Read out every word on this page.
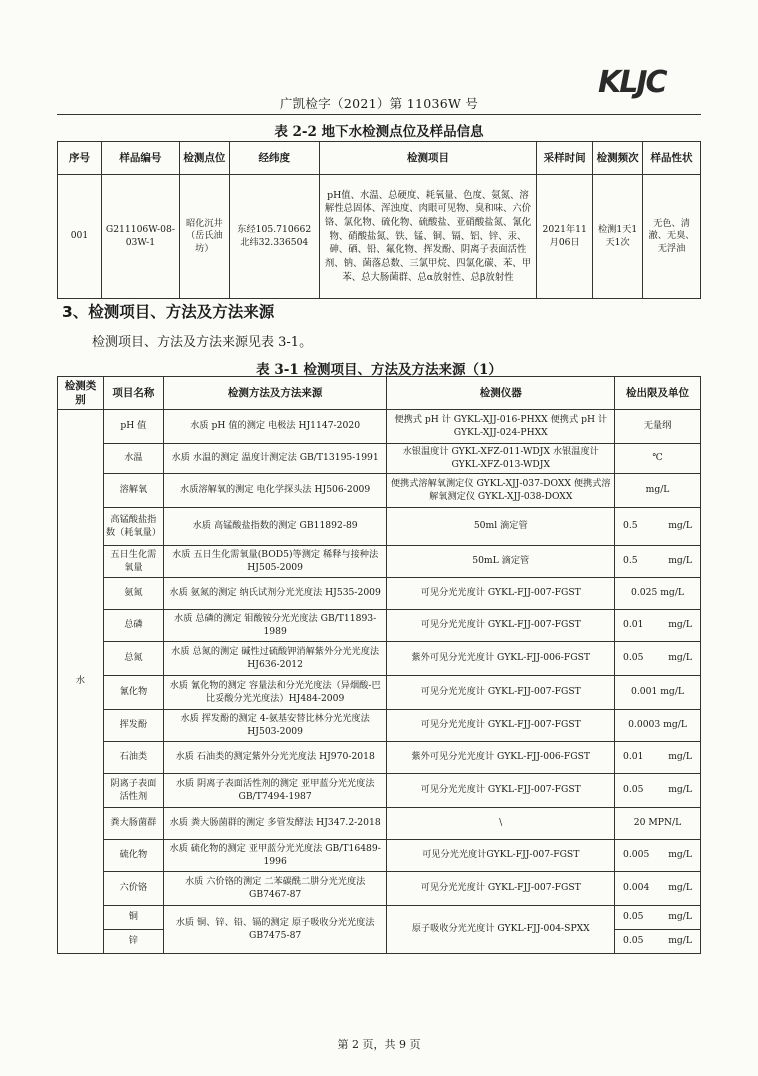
KLJC
广凯检字（2021）第 11036W 号
表 2-2 地下水检测点位及样品信息
序号	样品编号	检测点位	经纬度	检测项目	采样时间	检测频次	样品性状
001	G211106W-08-03W-1	昭化沉井（岳氏油坊）	东经105.710662 北纬32.336504	pH值、水温、总硬度、耗氧量、色度、氨氮、溶解性总固体、浑浊度、肉眼可见物、臭和味、六价铬、氯化物、硫化物、硫酸盐、亚硝酸盐氮、氰化物、硝酸盐氮、铁、锰、铜、镉、铝、锌、汞、砷、硒、铅、氟化物、挥发酚、阴离子表面活性剂、钠、菌落总数、三氯甲烷、四氯化碳、苯、甲苯、总大肠菌群、总α放射性、总β放射性	2021年11月06日	检测1天1天1次	无色、清澈、无臭、无浮油
3、检测项目、方法及方法来源
检测项目、方法及方法来源见表 3-1。
表 3-1 检测项目、方法及方法来源（1）
检测类别	项目名称	检测方法及方法来源	检测仪器	检出限及单位
水	pH 值	水质 pH 值的测定 电极法 HJ1147-2020	便携式 pH 计 GYKL-XJJ-016-PHXX 便携式 pH 计 GYKL-XJJ-024-PHXX	无量纲

	水温	水质 水温的测定 温度计测定法 GB/T13195-1991	水银温度计 GYKL-XFZ-011-WDJX 水银温度计 GYKL-XFZ-013-WDJX	℃

	溶解氧	水质溶解氧的测定 电化学探头法 HJ506-2009	便携式溶解氧测定仪 GYKL-XJJ-037-DOXX 便携式溶解氧测定仪 GYKL-XJJ-038-DOXX	mg/L

	高锰酸盐指数（耗氧量）	水质 高锰酸盐指数的测定 GB11892-89	50ml 滴定管	0.5 mg/L

	五日生化需氧量	水质 五日生化需氧量(BOD5)等测定 稀释与接种法 HJ505-2009	50mL 滴定管	0.5 mg/L

	氨氮	水质 氨氮的测定 纳氏试剂分光光度法 HJ535-2009	可见分光光度计 GYKL-FJJ-007-FGST	0.025 mg/L

	总磷	水质 总磷的测定 钼酸铵分光光度法 GB/T11893-1989	可见分光光度计 GYKL-FJJ-007-FGST	0.01 mg/L

	总氮	水质 总氮的测定 碱性过硫酸钾消解紫外分光光度法 HJ636-2012	紫外可见分光光度计 GYKL-FJJ-006-FGST	0.05 mg/L

	氰化物	水质 氰化物的测定 容量法和分光光度法（异烟酸-巴比妥酸分光光度法）HJ484-2009	可见分光光度计 GYKL-FJJ-007-FGST	0.001 mg/L

	挥发酚	水质 挥发酚的测定 4-氨基安替比林分光光度法 HJ503-2009	可见分光光度计 GYKL-FJJ-007-FGST	0.0003 mg/L

	石油类	水质 石油类的测定紫外分光光度法 HJ970-2018	紫外可见分光光度计 GYKL-FJJ-006-FGST	0.01 mg/L

	阴离子表面活性剂	水质 阴离子表面活性剂的测定 亚甲蓝分光光度法 GB/T7494-1987	可见分光光度计 GYKL-FJJ-007-FGST	0.05 mg/L

	粪大肠菌群	水质 粪大肠菌群的测定 多管发酵法 HJ347.2-2018	\	20 MPN/L

	硫化物	水质 硫化物的测定 亚甲蓝分光光度法 GB/T16489-1996	可见分光光度计GYKL-FJJ-007-FGST	0.005 mg/L

	六价铬	水质 六价铬的测定 二苯碳酰二肼分光光度法 GB7467-87	可见分光光度计 GYKL-FJJ-007-FGST	0.004 mg/L

	铜	水质 铜、锌、铅、镉的测定 原子吸收分光光度法 GB7475-87	原子吸收分光光度计 GYKL-FJJ-004-SPXX	0.05 mg/L

	锌			0.05 mg/L
第 2 页，共 9 页
